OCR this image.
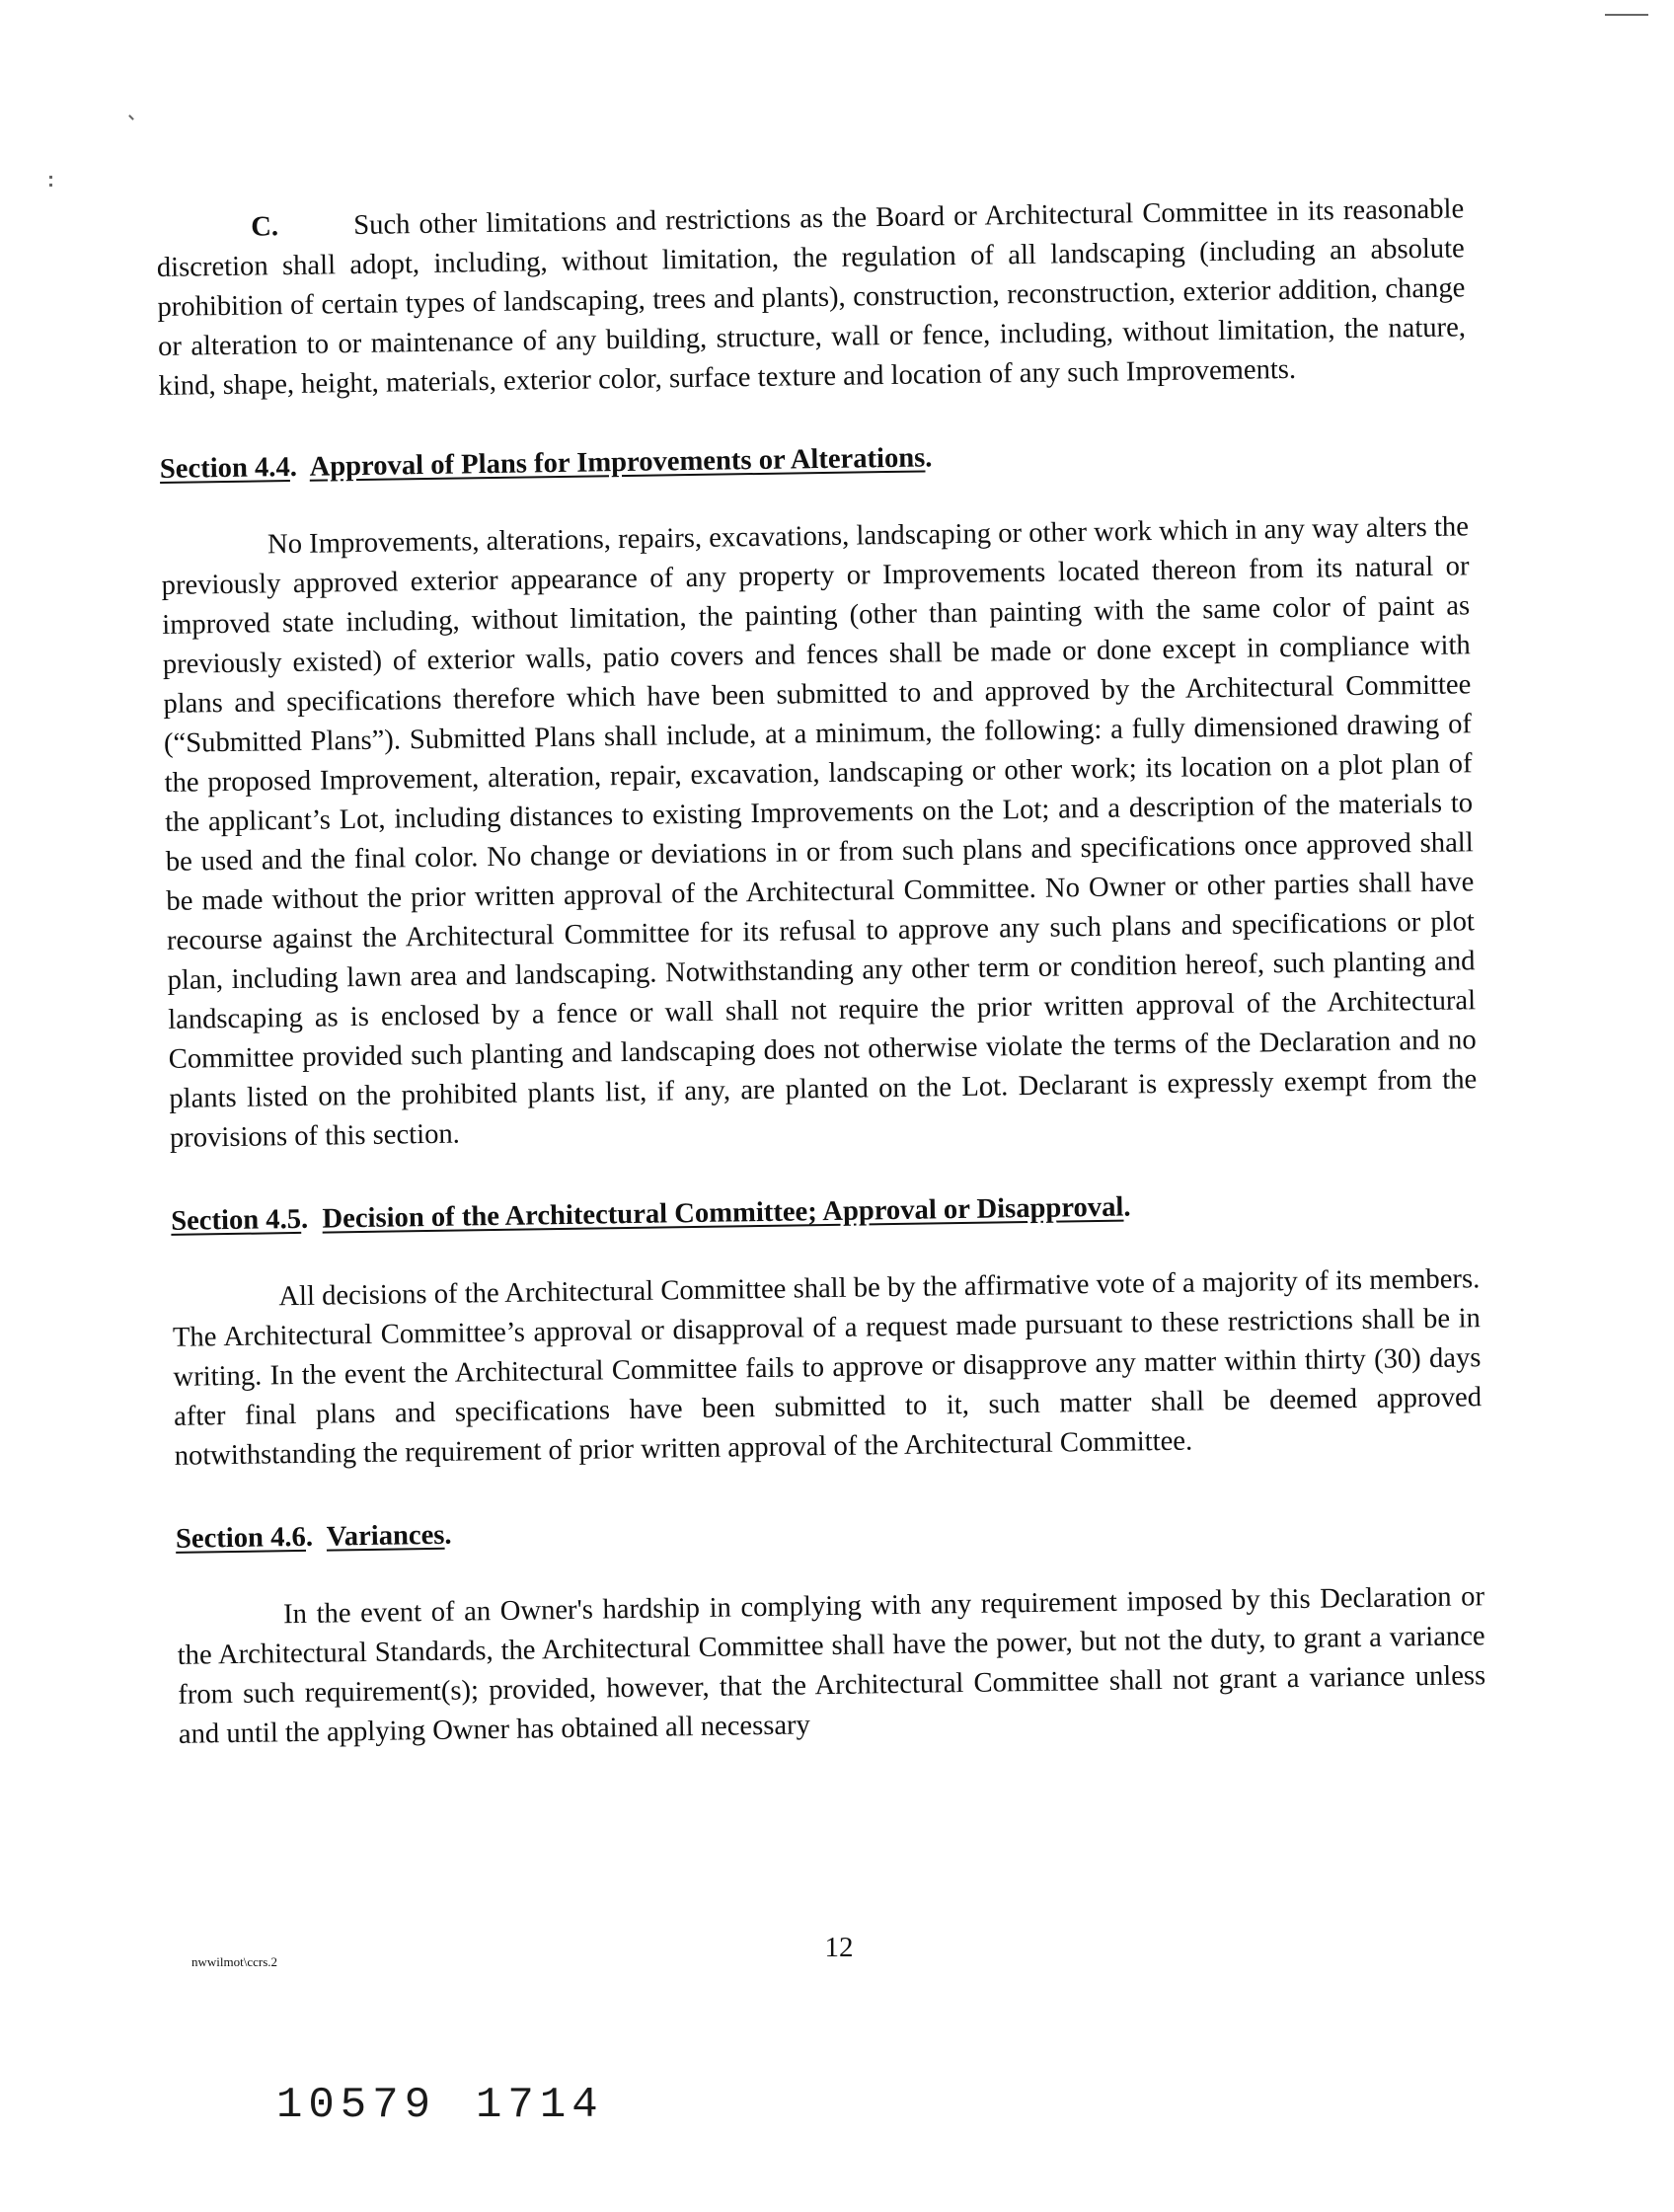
C.	Such other limitations and restrictions as the Board or Architectural Committee in its reasonable discretion shall adopt, including, without limitation, the regulation of all landscaping (including an absolute prohibition of certain types of landscaping, trees and plants), construction, reconstruction, exterior addition, change or alteration to or maintenance of any building, structure, wall or fence, including, without limitation, the nature, kind, shape, height, materials, exterior color, surface texture and location of any such Improvements.

Section 4.4.  Approval of Plans for Improvements or Alterations.

No Improvements, alterations, repairs, excavations, landscaping or other work which in any way alters the previously approved exterior appearance of any property or Improvements located thereon from its natural or improved state including, without limitation, the painting (other than painting with the same color of paint as previously existed) of exterior walls, patio covers and fences shall be made or done except in compliance with plans and specifications therefore which have been submitted to and approved by the Architectural Committee (“Submitted Plans”). Submitted Plans shall include, at a minimum, the following: a fully dimensioned drawing of the proposed Improvement, alteration, repair, excavation, landscaping or other work; its location on a plot plan of the applicant’s Lot, including distances to existing Improvements on the Lot; and a description of the materials to be used and the final color. No change or deviations in or from such plans and specifications once approved shall be made without the prior written approval of the Architectural Committee. No Owner or other parties shall have recourse against the Architectural Committee for its refusal to approve any such plans and specifications or plot plan, including lawn area and landscaping. Notwithstanding any other term or condition hereof, such planting and landscaping as is enclosed by a fence or wall shall not require the prior written approval of the Architectural Committee provided such planting and landscaping does not otherwise violate the terms of the Declaration and no plants listed on the prohibited plants list, if any, are planted on the Lot. Declarant is expressly exempt from the provisions of this section.

Section 4.5.  Decision of the Architectural Committee; Approval or Disapproval.

All decisions of the Architectural Committee shall be by the affirmative vote of a majority of its members. The Architectural Committee’s approval or disapproval of a request made pursuant to these restrictions shall be in writing. In the event the Architectural Committee fails to approve or disapprove any matter within thirty (30) days after final plans and specifications have been submitted to it, such matter shall be deemed approved notwithstanding the requirement of prior written approval of the Architectural Committee.

Section 4.6.  Variances.

In the event of an Owner's hardship in complying with any requirement imposed by this Declaration or the Architectural Standards, the Architectural Committee shall have the power, but not the duty, to grant a variance from such requirement(s); provided, however, that the Architectural Committee shall not grant a variance unless and until the applying Owner has obtained all necessary

12
nwwilmot\ccrs.2
10579 1714
